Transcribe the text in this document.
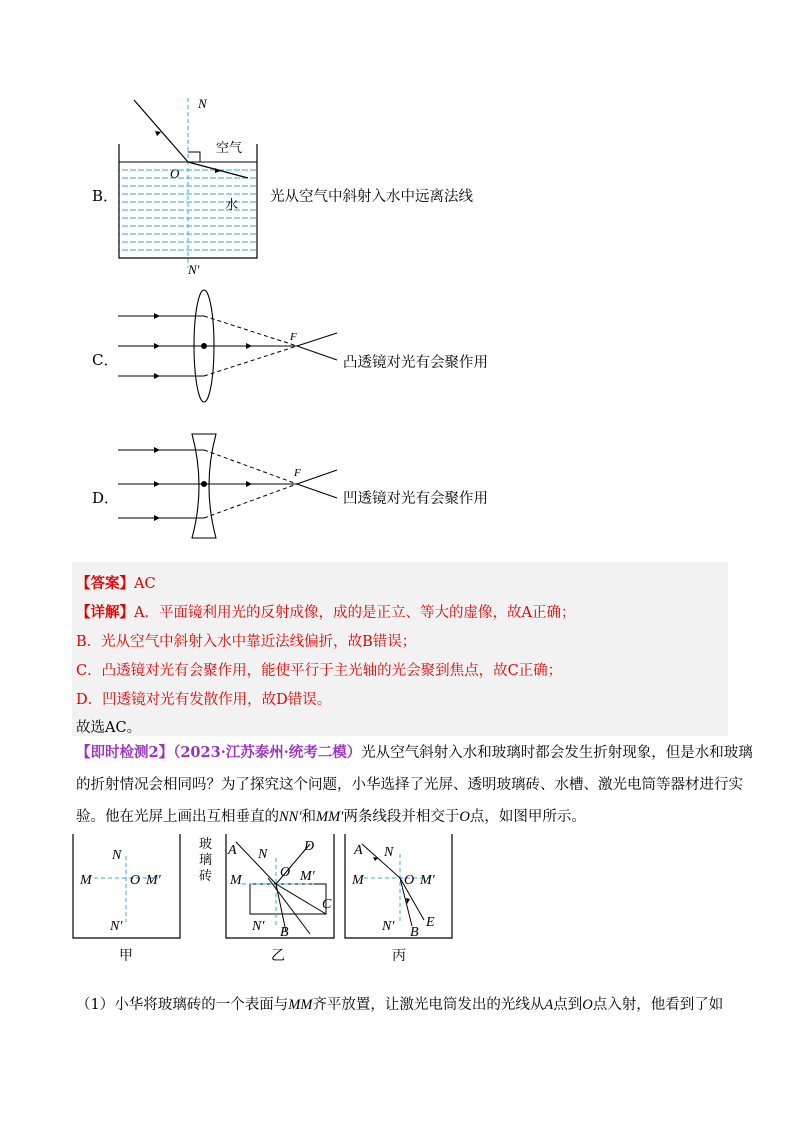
B．
N
O
空气
水
N′
光从空气中斜射入水中远离法线
C．
F
凸透镜对光有会聚作用
D．
F
凹透镜对光有会聚作用
【答案】AC
【详解】A．平面镜利用光的反射成像，成的是正立、等大的虚像，故A正确；
B．光从空气中斜射入水中靠近法线偏折，故B错误；
C．凸透镜对光有会聚作用，能使平行于主光轴的光会聚到焦点，故C正确；
D．凹透镜对光有发散作用，故D错误。
故选AC。
【即时检测2】（2023·江苏泰州·统考二模）光从空气斜射入水和玻璃时都会发生折射现象，但是水和玻璃
的折射情况会相同吗？为了探究这个问题，小华选择了光屏、透明玻璃砖、水槽、激光电筒等器材进行实
验。他在光屏上画出互相垂直的NN′和MM′两条线段并相交于O点，如图甲所示。
N
M	O M′
N′
甲
玻
璃
砖
A N
D
O
M	M′
C
N′ B
乙
A N
M	O M′
N′ E
B
丙
（1）小华将玻璃砖的一个表面与MM齐平放置，让激光电筒发出的光线从A点到O点入射，他看到了如
